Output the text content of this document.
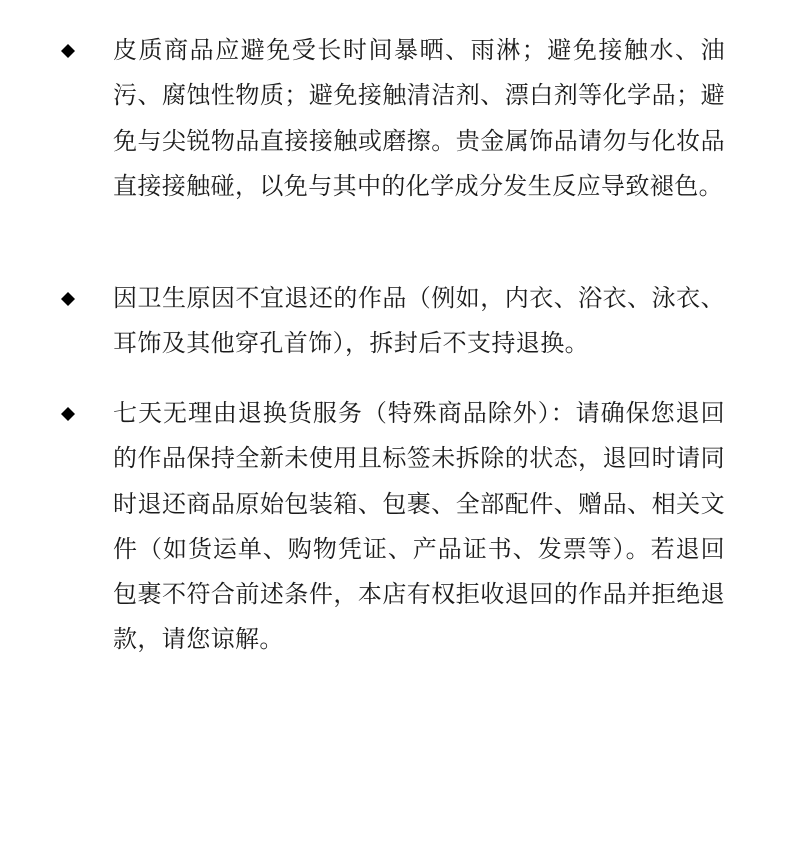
皮质商品应避免受长时间暴晒、雨淋；避免接触水、油污、腐蚀性物质；避免接触清洁剂、漂白剂等化学品；避免与尖锐物品直接接触或磨擦。贵金属饰品请勿与化妆品直接接触碰，以免与其中的化学成分发生反应导致褪色。

因卫生原因不宜退还的作品（例如，内衣、浴衣、泳衣、耳饰及其他穿孔首饰），拆封后不支持退换。

七天无理由退换货服务（特殊商品除外）：请确保您退回的作品保持全新未使用且标签未拆除的状态，退回时请同时退还商品原始包装箱、包裹、全部配件、赠品、相关文件（如货运单、购物凭证、产品证书、发票等）。若退回包裹不符合前述条件，本店有权拒收退回的作品并拒绝退款，请您谅解。
